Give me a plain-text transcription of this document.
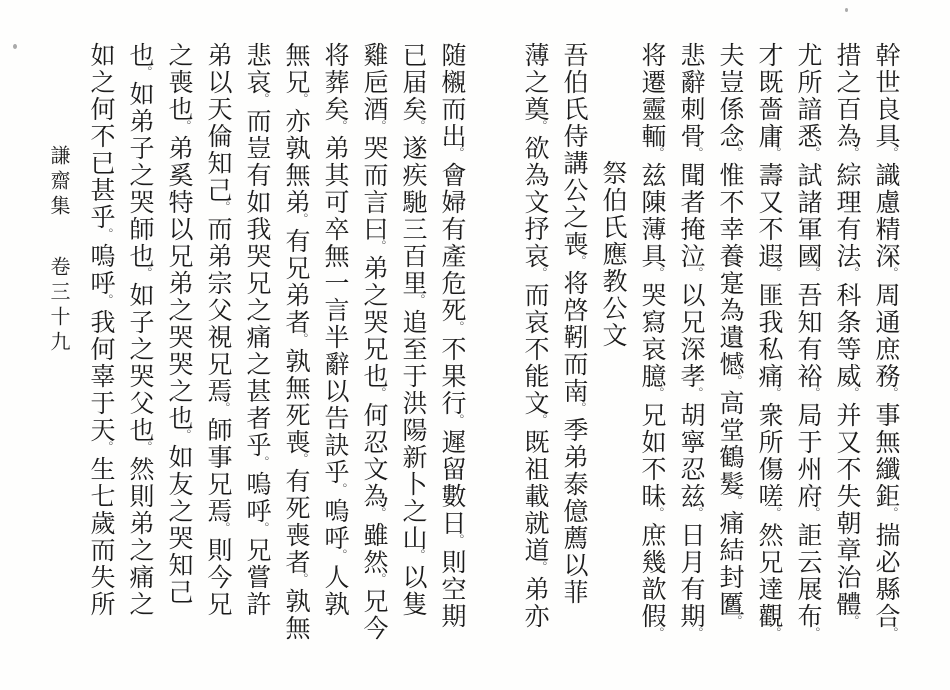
幹世良具。識慮精深。周通庶務。事無纖鉅。揣必縣合。
措之百為。綜理有法。科条等威。并又不失朝章治體。
尤所諳悉。試諸軍國。吾知有裕。局于州府。詎云展布。
才既嗇庸。壽又不遐。匪我私痛。衆所傷嗟。然兄達觀。
夫豈係念。惟不幸養寔為遺憾。高堂鶴髮。痛結封匶。
悲辭刺骨。聞者掩泣。以兄深孝。胡寧忍兹。日月有期。
将遷靈輀。兹陳薄具。哭寫哀臆。兄如不昧。庶幾歆假。
祭伯氏應教公文
吾伯氏侍講公之喪。将啓靷而南。季弟泰億薦以菲
薄之奠。欲為文抒哀。而哀不能文。既祖載就道。弟亦
随櫬而出。會婦有產危死。不果行。遲留數日。則空期
已届矣。遂疾馳三百里。追至于洪陽新卜之山。以隻
雞巵酒。哭而言曰。弟之哭兄也。何忍文為。雖然。兄今
将葬矣。弟其可卒無一言半辭以告訣乎。嗚呼。人孰
無兄。亦孰無弟。有兄弟者。孰無死喪。有死喪者。孰無
悲哀。而豈有如我哭兄之痛之甚者乎。嗚呼。兄嘗許
弟以天倫知己。而弟宗父視兄焉。師事兄焉。則今兄
之喪也。弟奚特以兄弟之哭哭之也。如友之哭知己
也。如弟子之哭師也。如子之哭父也。然則弟之痛之
如之何不已甚乎。嗚呼。我何辜于天。生七歲而失所
謙齋集卷三十九
